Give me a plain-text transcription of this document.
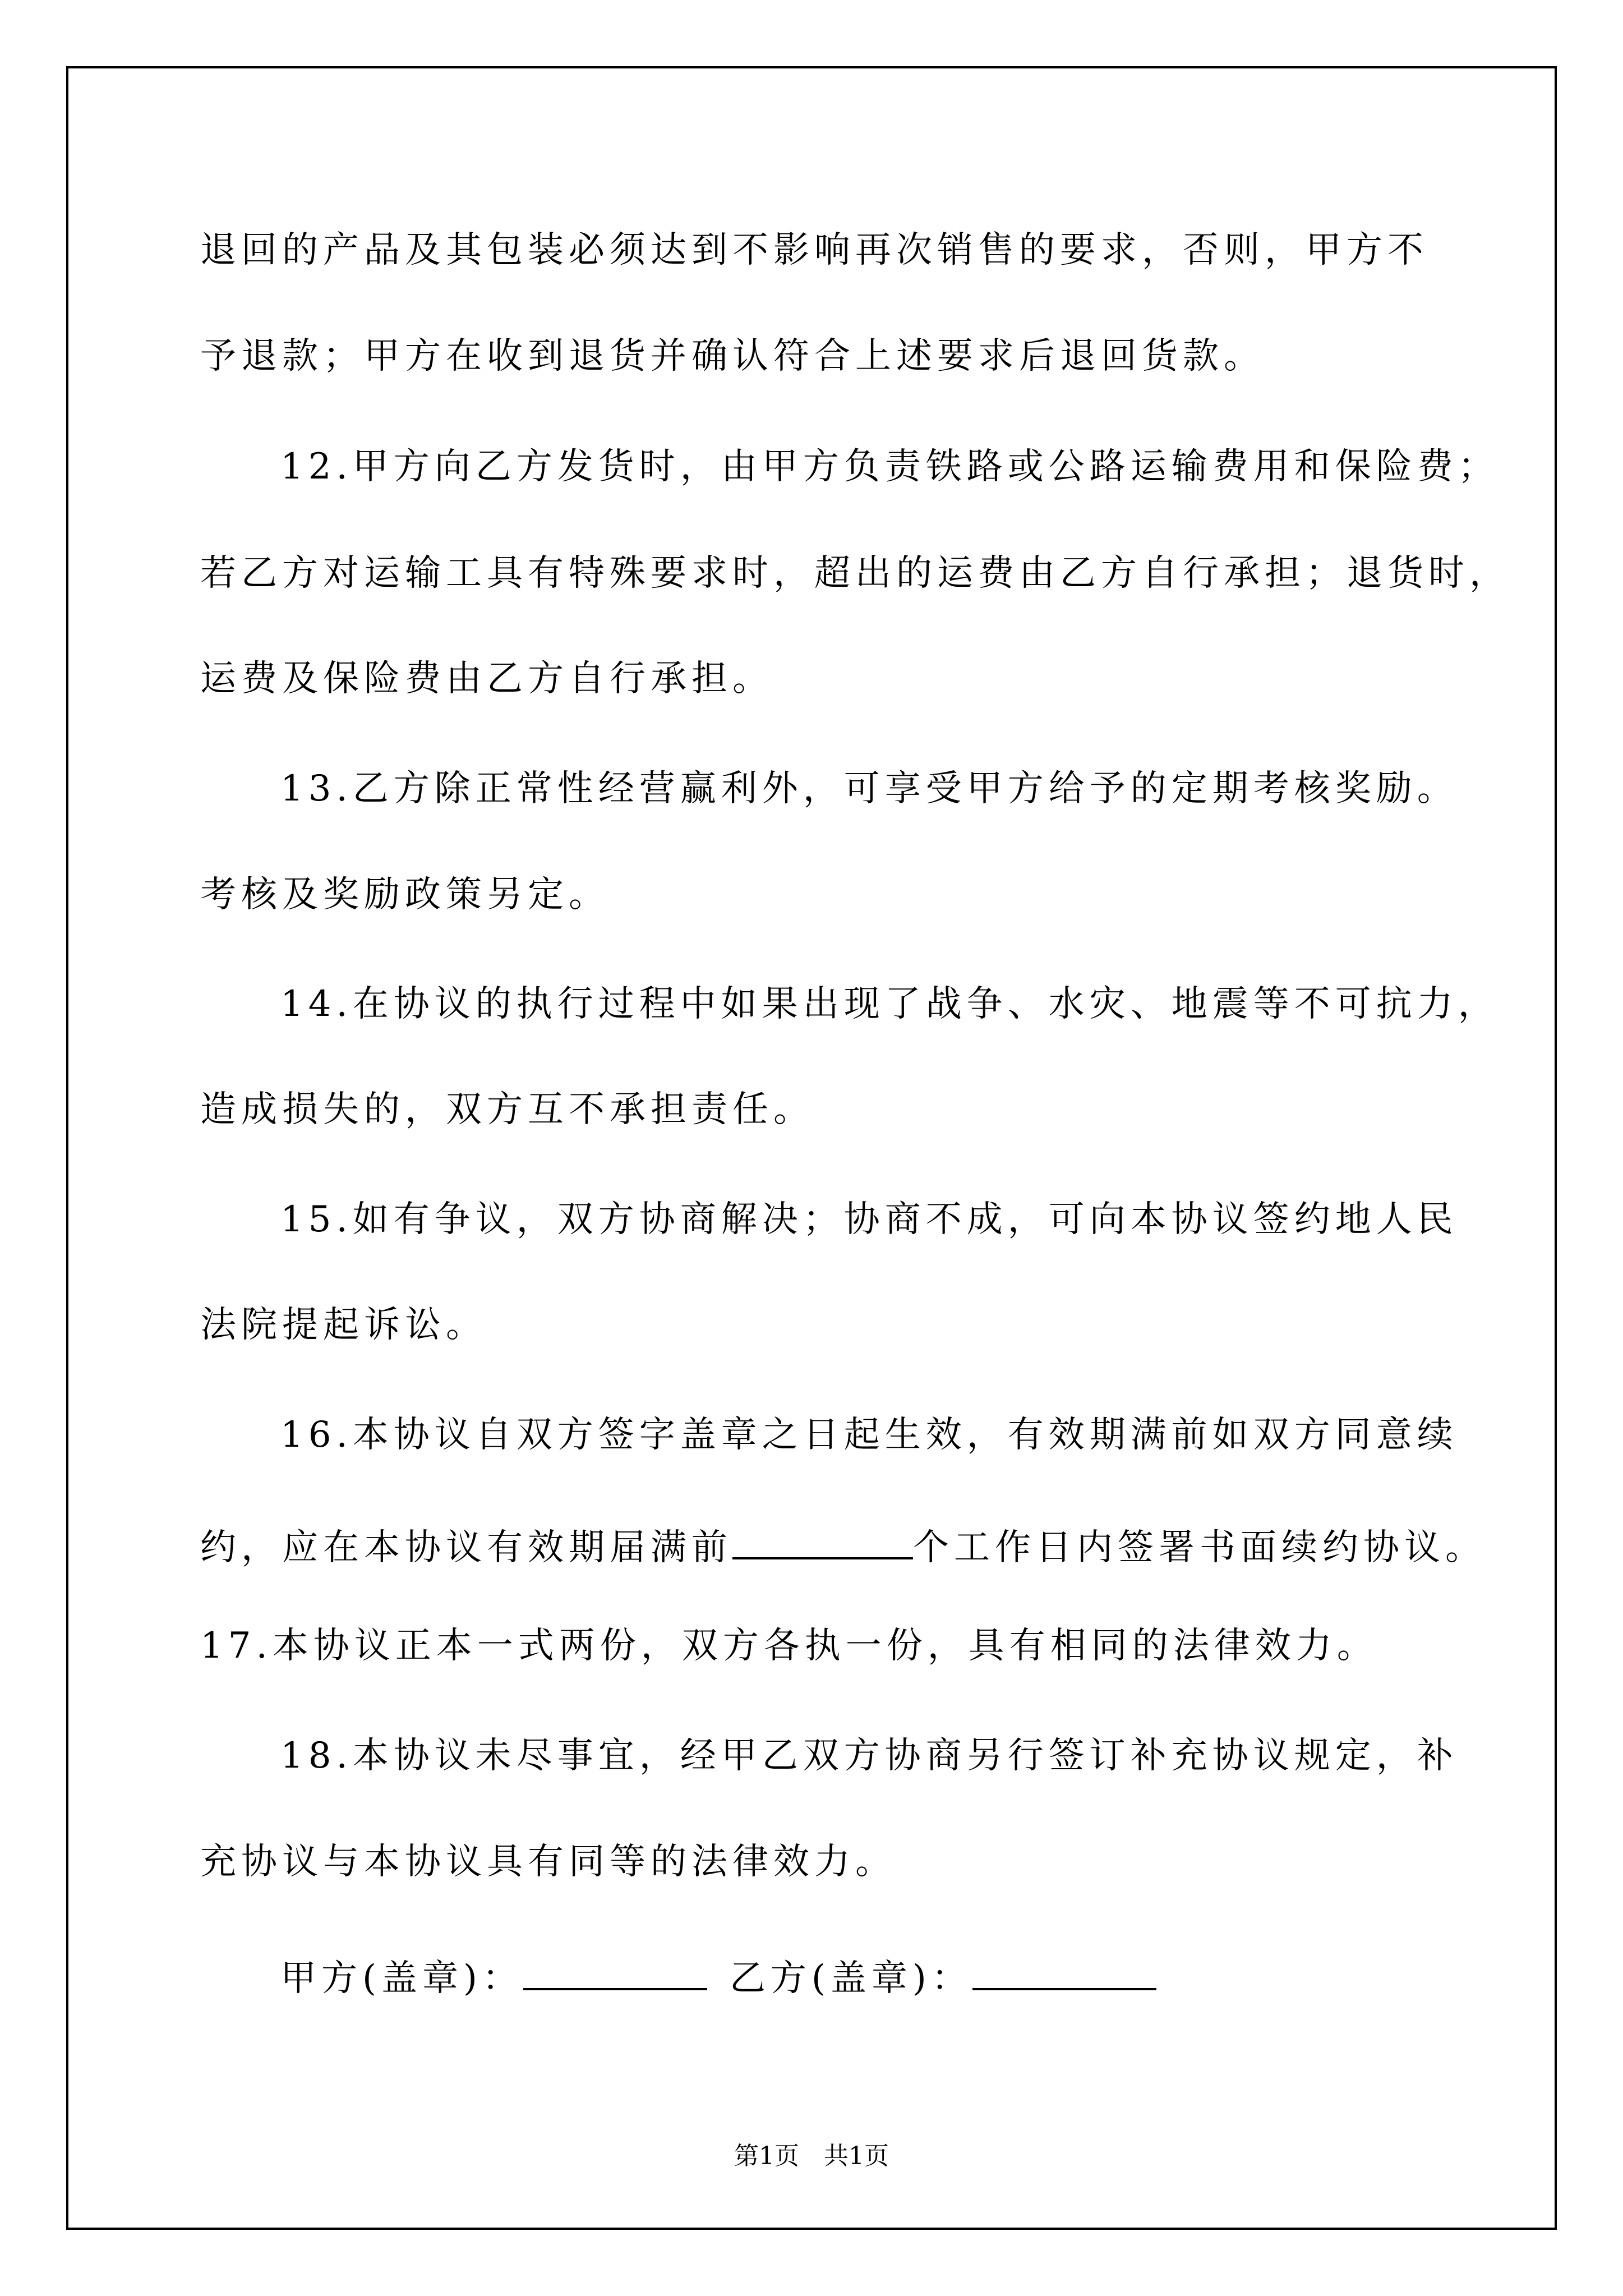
退回的产品及其包装必须达到不影响再次销售的要求，否则，甲方不
予退款；甲方在收到退货并确认符合上述要求后退回货款。
12.甲方向乙方发货时，由甲方负责铁路或公路运输费用和保险费；
若乙方对运输工具有特殊要求时，超出的运费由乙方自行承担；退货时，
运费及保险费由乙方自行承担。
13.乙方除正常性经营赢利外，可享受甲方给予的定期考核奖励。
考核及奖励政策另定。
14.在协议的执行过程中如果出现了战争、水灾、地震等不可抗力，
造成损失的，双方互不承担责任。
15.如有争议，双方协商解决；协商不成，可向本协议签约地人民
法院提起诉讼。
16.本协议自双方签字盖章之日起生效，有效期满前如双方同意续
约，应在本协议有效期届满前	个工作日内签署书面续约协议。
17.本协议正本一式两份，双方各执一份，具有相同的法律效力。
18.本协议未尽事宜，经甲乙双方协商另行签订补充协议规定，补
充协议与本协议具有同等的法律效力。
甲方(盖章)：	乙方(盖章)：
第1页　共1页
